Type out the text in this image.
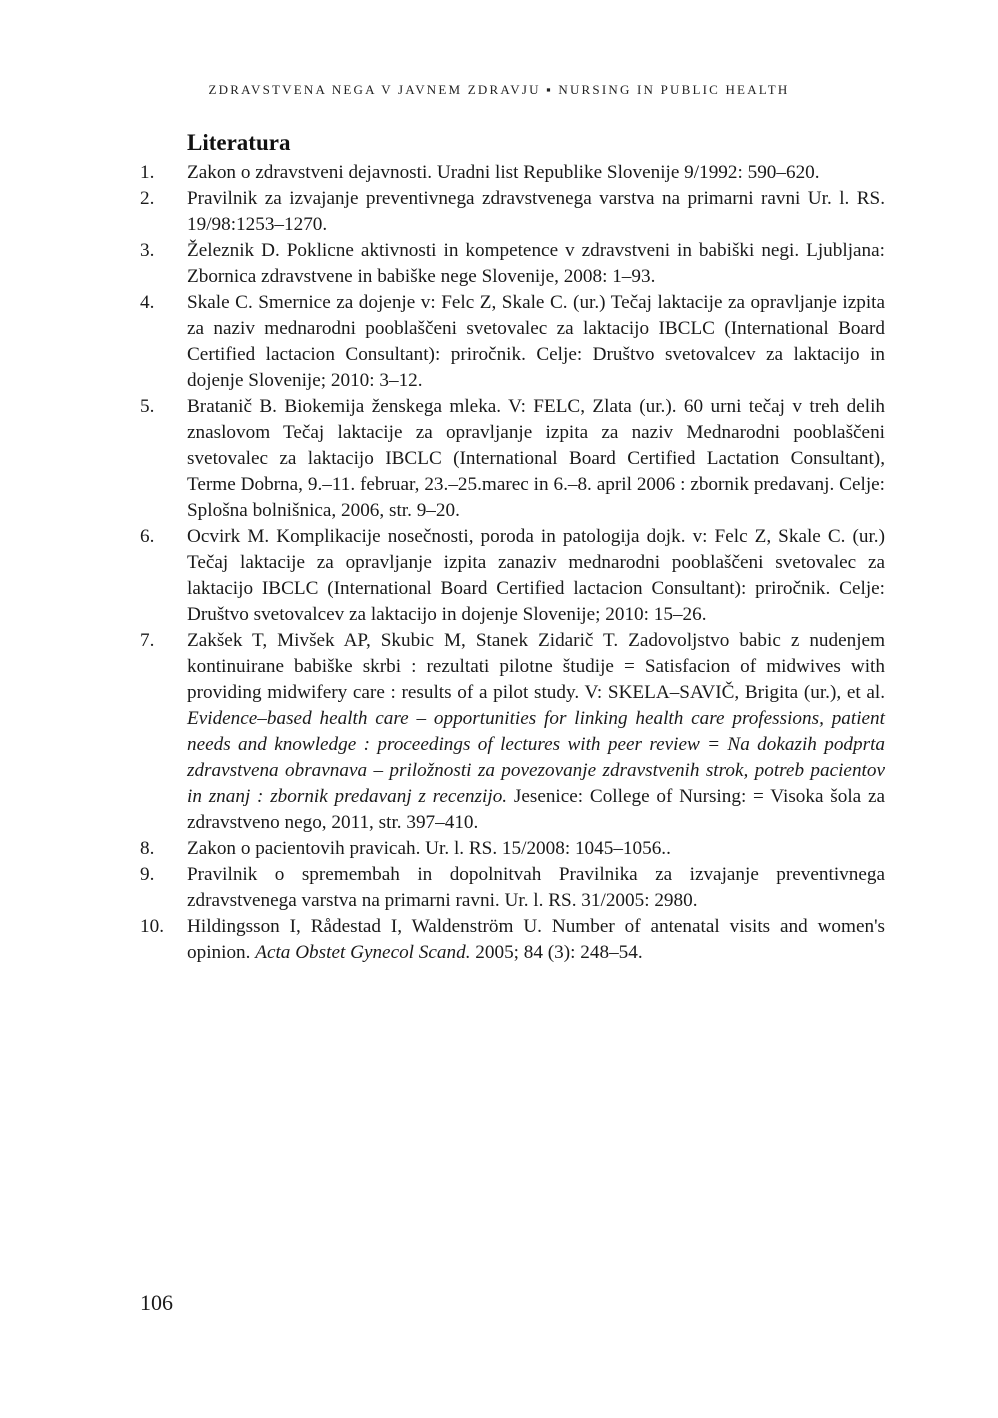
ZDRAVSTVENA NEGA V JAVNEM ZDRAVJU ▪ NURSING IN PUBLIC HEALTH
Literatura
1. Zakon o zdravstveni dejavnosti. Uradni list Republike Slovenije 9/1992: 590–620.
2. Pravilnik za izvajanje preventivnega zdravstvenega varstva na primarni ravni Ur. l. RS. 19/98:1253–1270.
3. Železnik D. Poklicne aktivnosti in kompetence v zdravstveni in babiški negi. Ljubljana: Zbornica zdravstvene in babiške nege Slovenije, 2008: 1–93.
4. Skale C. Smernice za dojenje v: Felc Z, Skale C. (ur.) Tečaj laktacije za opravljanje izpita za naziv mednarodni pooblaščeni svetovalec za laktacijo IBCLC (International Board Certified lactacion Consultant): priročnik. Celje: Društvo svetovalcev za laktacijo in dojenje Slovenije; 2010: 3–12.
5. Bratanič B. Biokemija ženskega mleka. V: FELC, Zlata (ur.). 60 urni tečaj v treh delih znaslovom Tečaj laktacije za opravljanje izpita za naziv Mednarodni pooblaščeni svetovalec za laktacijo IBCLC (International Board Certified Lactation Consultant), Terme Dobrna, 9.–11. februar, 23.–25.marec in 6.–8. april 2006 : zbornik predavanj. Celje: Splošna bolnišnica, 2006, str. 9–20.
6. Ocvirk M. Komplikacije nosečnosti, poroda in patologija dojk. v: Felc Z, Skale C. (ur.) Tečaj laktacije za opravljanje izpita zanaziv mednarodni pooblaščeni svetovalec za laktacijo IBCLC (International Board Certified lactacion Consultant): priročnik. Celje: Društvo svetovalcev za laktacijo in dojenje Slovenije; 2010: 15–26.
7. Zakšek T, Mivšek AP, Skubic M, Stanek Zidarič T. Zadovoljstvo babic z nudenjem kontinuirane babiške skrbi : rezultati pilotne študije = Satisfacion of midwives with providing midwifery care : results of a pilot study. V: SKELA–SAVIČ, Brigita (ur.), et al. Evidence–based health care – opportunities for linking health care professions, patient needs and knowledge : proceedings of lectures with peer review = Na dokazih podprta zdravstvena obravnava – priložnosti za povezovanje zdravstvenih strok, potreb pacientov in znanj : zbornik predavanj z recenzijo. Jesenice: College of Nursing: = Visoka šola za zdravstveno nego, 2011, str. 397–410.
8. Zakon o pacientovih pravicah. Ur. l. RS. 15/2008: 1045–1056..
9. Pravilnik o spremembah in dopolnitvah Pravilnika za izvajanje preventivnega zdravstvenega varstva na primarni ravni. Ur. l. RS. 31/2005: 2980.
10. Hildingsson I, Rådestad I, Waldenström U. Number of antenatal visits and women's opinion. Acta Obstet Gynecol Scand. 2005; 84 (3): 248–54.
106
